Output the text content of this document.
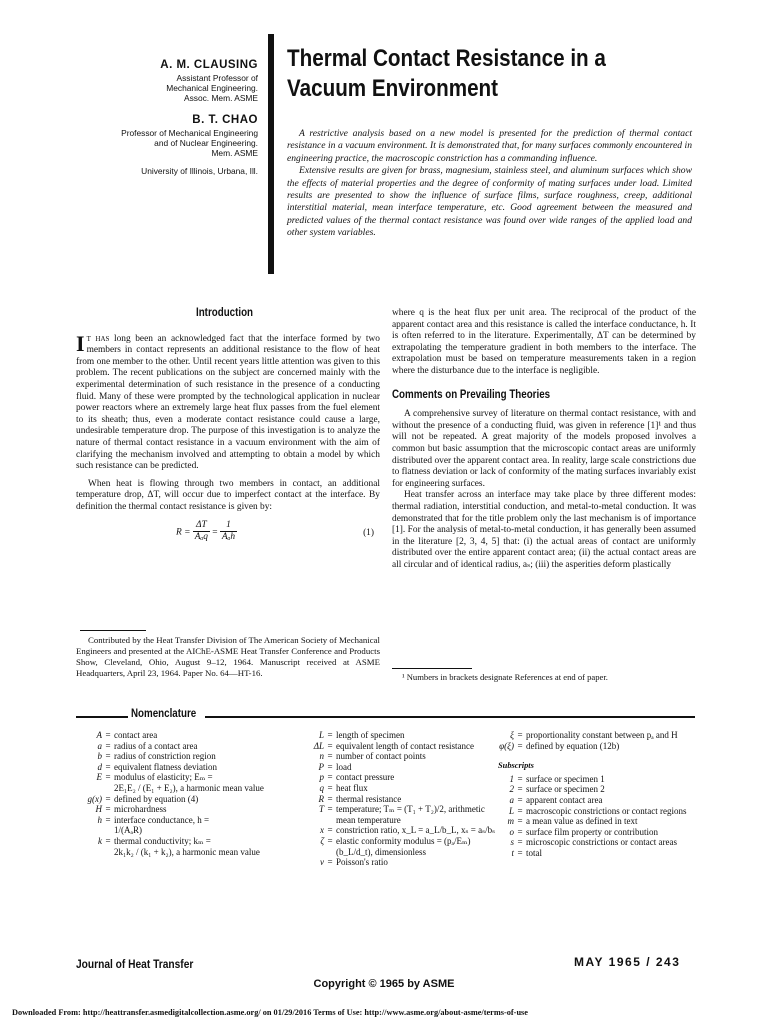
A. M. CLAUSING
Assistant Professor of
Mechanical Engineering.
Assoc. Mem. ASME
B. T. CHAO
Professor of Mechanical Engineering
and of Nuclear Engineering.
Mem. ASME
University of Illinois, Urbana, Ill.
Thermal Contact Resistance in a
Vacuum Environment

A restrictive analysis based on a new model is presented for the prediction of thermal contact resistance in a vacuum environment. It is demonstrated that, for many surfaces commonly encountered in engineering practice, the macroscopic constriction has a commanding influence.

Extensive results are given for brass, magnesium, stainless steel, and aluminum surfaces which show the effects of material properties and the degree of conformity of mating surfaces under load. Limited results are presented to show the influence of surface films, surface roughness, creep, additional interstitial material, mean interface temperature, etc. Good agreement between the measured and predicted values of the thermal contact resistance was found over wide ranges of the applied load and other system variables.

Introduction

It has long been an acknowledged fact that the interface formed by two members in contact represents an additional resistance to the flow of heat from one member to the other. Until recent years little attention was given to this problem. The recent publications on the subject are concerned mainly with the experimental determination of such resistance in the presence of a conducting fluid. Many of these were prompted by the technological application in nuclear power reactors where an extremely large heat flux passes from the fuel element to its sheath; thus, even a moderate contact resistance could cause a large, undesirable temperature drop. The purpose of this investigation is to analyze the nature of thermal contact resistance in a vacuum environment with the aim of clarifying the mechanism involved and attempting to obtain a model by which such resistance can be predicted.

When heat is flowing through two members in contact, an additional temperature drop, ΔT, will occur due to imperfect contact at the interface. By definition the thermal contact resistance is given by:

$R = \frac{\Delta T}{\text{Aₐq}} = \frac{1}{\text{Aₐh}}$	(1)

Contributed by the Heat Transfer Division of The American Society of Mechanical Engineers and presented at the AIChE-ASME Heat Transfer Conference and Products Show, Cleveland, Ohio, August 9–12, 1964. Manuscript received at ASME Headquarters, April 23, 1964. Paper No. 64—HT-16.

where q is the heat flux per unit area. The reciprocal of the product of the apparent contact area and this resistance is called the interface conductance, h. It is often referred to in the literature. Experimentally, ΔT can be determined by extrapolating the temperature gradient in both members to the interface. The extrapolation must be based on temperature measurements taken in a region where the disturbance due to the interface is negligible.

Comments on Prevailing Theories

A comprehensive survey of literature on thermal contact resistance, with and without the presence of a conducting fluid, was given in reference [1]¹ and thus will not be repeated. A great majority of the models proposed involves a common but basic assumption that the microscopic contact areas are uniformly distributed over the apparent contact area. In reality, large scale constrictions due to flatness deviation or lack of conformity of the mating surfaces invariably exist for engineering surfaces.

Heat transfer across an interface may take place by three different modes: thermal radiation, interstitial conduction, and metal-to-metal conduction. It was demonstrated that for the title problem only the last mechanism is of importance [1]. For the analysis of metal-to-metal conduction, it has generally been assumed in the literature [2, 3, 4, 5] that: (i) the actual areas of contact are uniformly distributed over the entire apparent contact area; (ii) the actual contact areas are all circular and of identical radius, aₛ; (iii) the asperities deform plastically

¹ Numbers in brackets designate References at end of paper.
Nomenclature
A = contact area
a = radius of a contact area
b = radius of constriction region
d = equivalent flatness deviation
E = modulus of elasticity; Eₘ =
2E₁E₂ / (E₁ + E₂), a harmonic mean value
g(x) = defined by equation (4)
H = microhardness
h = interface conductance, h =
1/(AₐR)
k = thermal conductivity; kₘ =
2k₁k₂ / (k₁ + k₂), a harmonic mean value
L = length of specimen
ΔL = equivalent length of contact resistance
n = number of contact points
P = load
p = contact pressure
q = heat flux
R = thermal resistance
T = temperature; Tₘ = (T₁ + T₂)/2, arithmetic mean temperature
x = constriction ratio, x_L = a_L/b_L, xₛ = aₛ/bₛ
ζ = elastic conformity modulus = (pₐ/Eₘ)(b_L/d_t), dimensionless
ν = Poisson's ratio
ξ = proportionality constant between pₐ and H
φ(ξ) = defined by equation (12b)
Subscripts
1 = surface or specimen 1
2 = surface or specimen 2
a = apparent contact area
L = macroscopic constrictions or contact regions
m = a mean value as defined in text
o = surface film property or contribution
s = microscopic constrictions or contact areas
t = total
Journal of Heat Transfer	MAY 1965 / 243
Copyright © 1965 by ASME
Downloaded From: http://heattransfer.asmedigitalcollection.asme.org/ on 01/29/2016 Terms of Use: http://www.asme.org/about-asme/terms-of-use
